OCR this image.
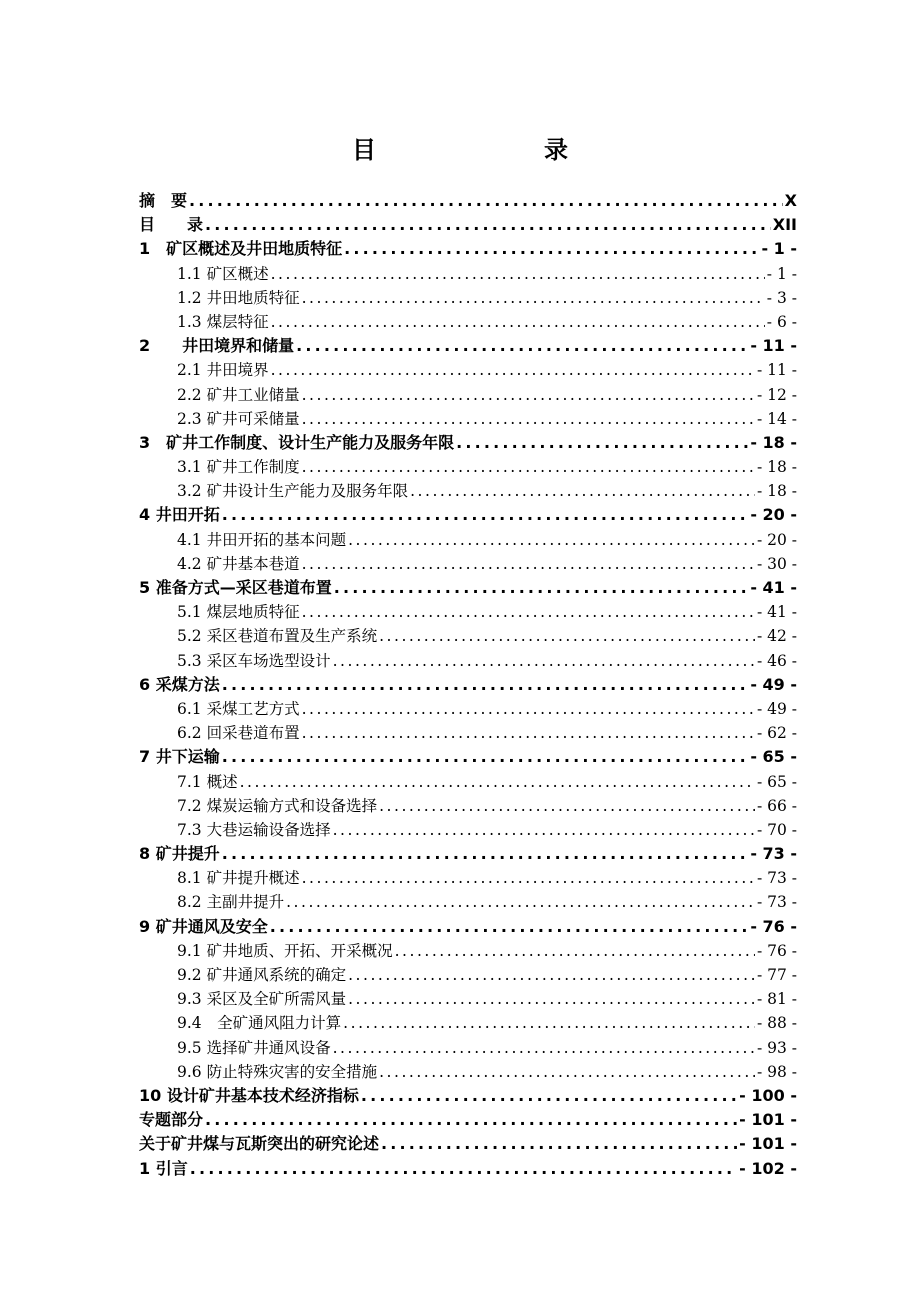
目　　录
摘　要 . . .	X
目　　录 . . .	XII
1　矿区概述及井田地质特征 . . .	- 1 -
1.1 矿区概述 . . .	- 1 -
1.2 井田地质特征 . . .	- 3 -
1.3 煤层特征 . . .	- 6 -
2　　井田境界和储量 . . .	- 11 -
2.1 井田境界 . . .	- 11 -
2.2 矿井工业储量 . . .	- 12 -
2.3 矿井可采储量 . . .	- 14 -
3　矿井工作制度、设计生产能力及服务年限 . . .	- 18 -
3.1 矿井工作制度 . . .	- 18 -
3.2 矿井设计生产能力及服务年限 . . .	- 18 -
4 井田开拓 . . .	- 20 -
4.1 井田开拓的基本问题 . . .	- 20 -
4.2 矿井基本巷道 . . .	- 30 -
5 准备方式—采区巷道布置 . . .	- 41 -
5.1 煤层地质特征 . . .	- 41 -
5.2 采区巷道布置及生产系统 . . .	- 42 -
5.3 采区车场选型设计 . . .	- 46 -
6 采煤方法 . . .	- 49 -
6.1 采煤工艺方式 . . .	- 49 -
6.2 回采巷道布置 . . .	- 62 -
7 井下运输 . . .	- 65 -
7.1 概述 . . .	- 65 -
7.2 煤炭运输方式和设备选择 . . .	- 66 -
7.3 大巷运输设备选择 . . .	- 70 -
8 矿井提升 . . .	- 73 -
8.1 矿井提升概述 . . .	- 73 -
8.2 主副井提升 . . .	- 73 -
9 矿井通风及安全 . . .	- 76 -
9.1 矿井地质、开拓、开采概况 . . .	- 76 -
9.2 矿井通风系统的确定 . . .	- 77 -
9.3 采区及全矿所需风量 . . .	- 81 -
9.4　全矿通风阻力计算 . . .	- 88 -
9.5 选择矿井通风设备 . . .	- 93 -
9.6 防止特殊灾害的安全措施 . . .	- 98 -
10 设计矿井基本技术经济指标 . . .	- 100 -
专题部分 . . .	- 101 -
关于矿井煤与瓦斯突出的研究论述 . . .	- 101 -
1 引言 . . .	- 102 -
